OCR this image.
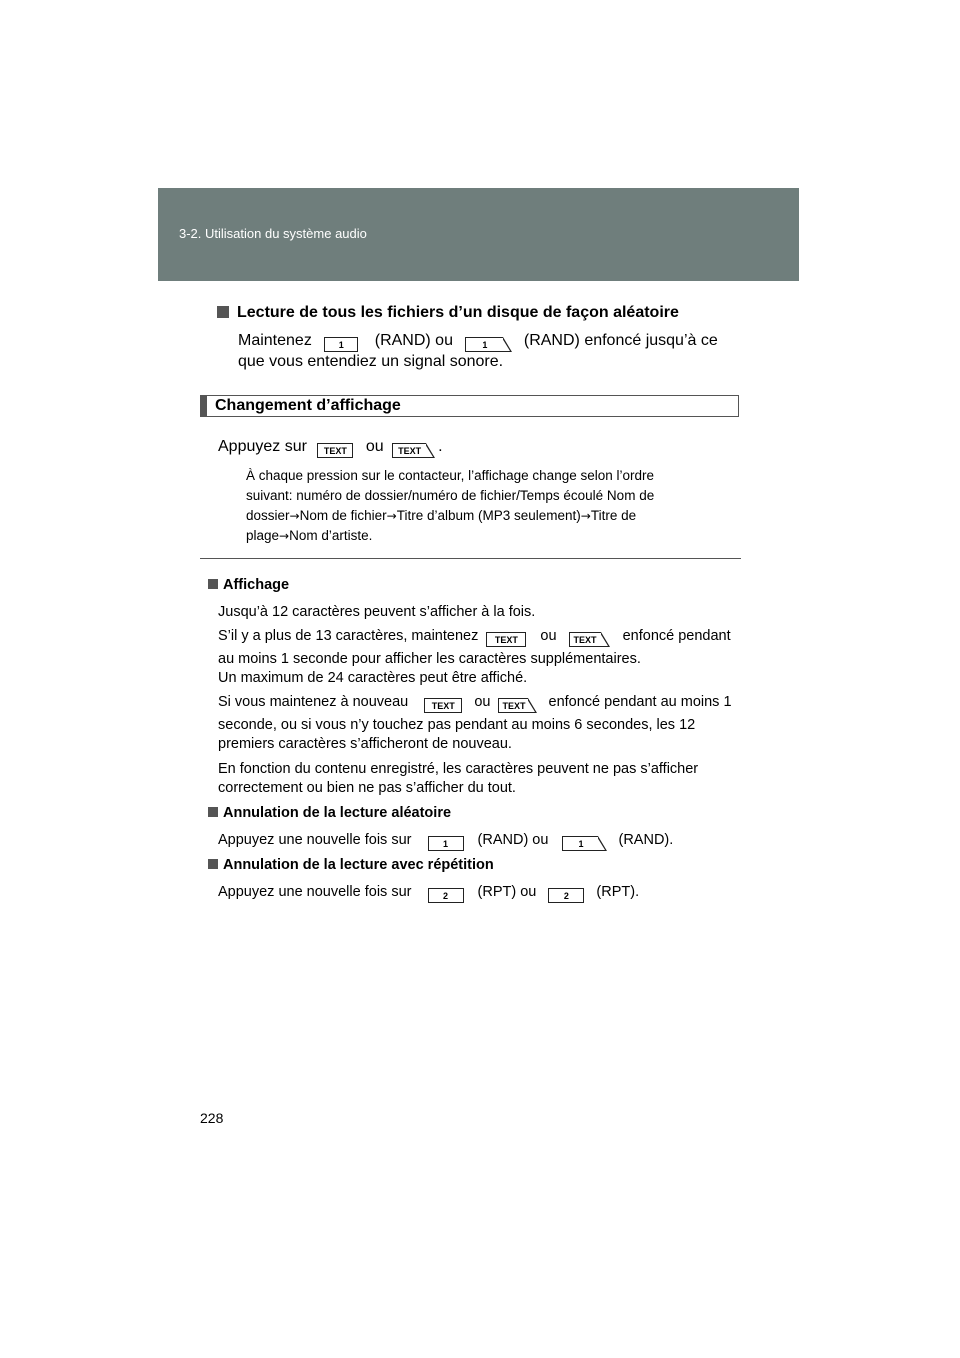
3-2. Utilisation du système audio
Lecture de tous les fichiers d’un disque de façon aléatoire
Maintenez	1 (RAND) ou	1 (RAND) enfoncé jusqu’à ce
que vous entendiez un signal sonore.
Changement d’affichage
Appuyez sur TEXT ou TEXT .
À chaque pression sur le contacteur, l’affichage change selon l’ordre
suivant: numéro de dossier/numéro de fichier/Temps écoulé Nom de
dossier→Nom de fichier→Titre d’album (MP3 seulement)→Titre de
plage→Nom d’artiste.
Affichage
Jusqu’à 12 caractères peuvent s’afficher à la fois.
S’il y a plus de 13 caractères, maintenez TEXT ou TEXT enfoncé pendant
au moins 1 seconde pour afficher les caractères supplémentaires.
Un maximum de 24 caractères peut être affiché.
Si vous maintenez à nouveau	TEXT ou TEXT enfoncé pendant au moins 1
seconde, ou si vous n’y touchez pas pendant au moins 6 secondes, les 12
premiers caractères s’afficheront de nouveau.
En fonction du contenu enregistré, les caractères peuvent ne pas s’afficher
correctement ou bien ne pas s’afficher du tout.
Annulation de la lecture aléatoire
Appuyez une nouvelle fois sur	1 (RAND) ou	1 (RAND).
Annulation de la lecture avec répétition
Appuyez une nouvelle fois sur	2 (RPT) ou	2 (RPT).
228
